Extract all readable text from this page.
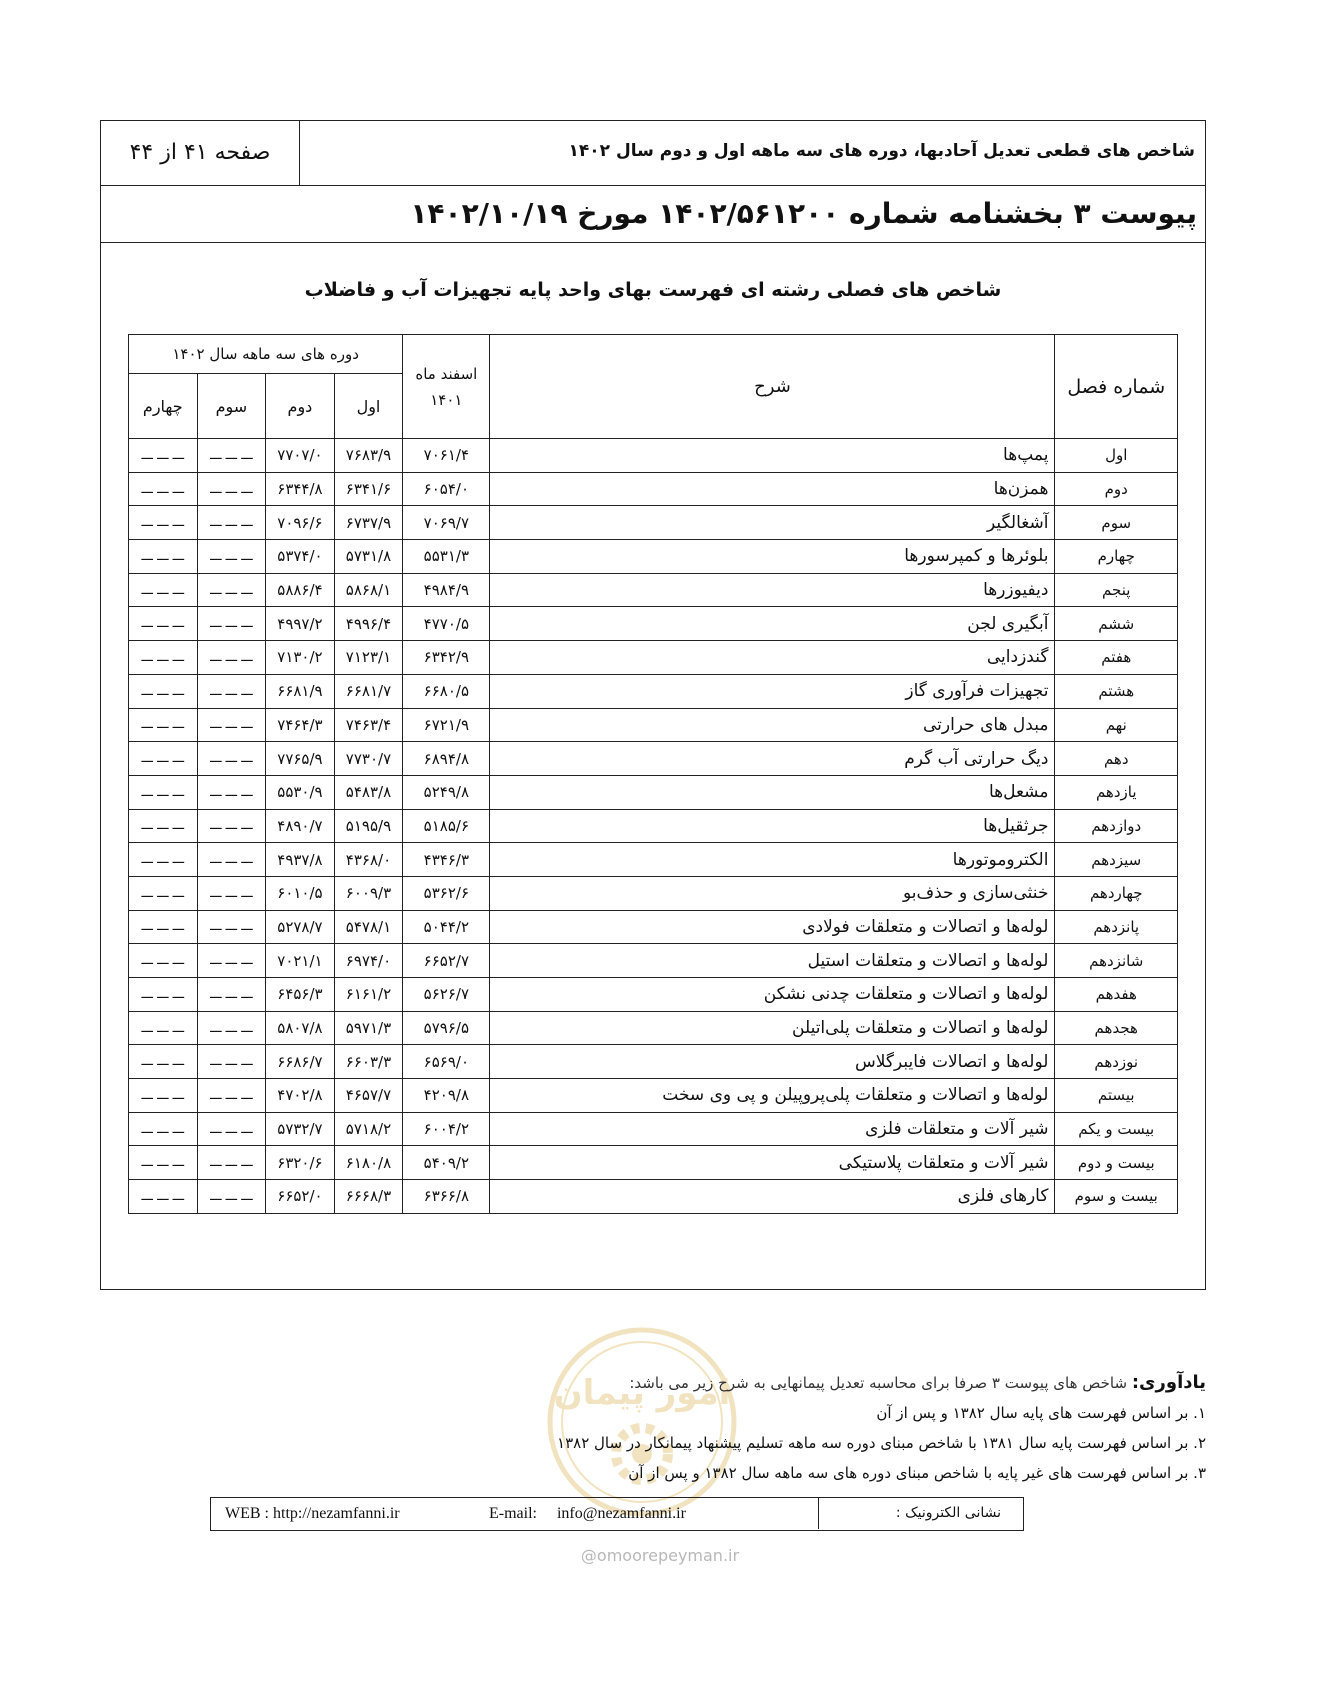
شاخص های قطعی تعدیل آحادبها، دوره های سه ماهه اول و دوم سال ۱۴۰۲
صفحه ۴۱ از ۴۴
پیوست ۳ بخشنامه شماره ۱۴۰۲/۵۶۱۲۰۰ مورخ ۱۴۰۲/۱۰/۱۹
شاخص های فصلی رشته ای فهرست بهای واحد پایه تجهیزات آب و فاضلاب
شماره فصل	شرح	اسفند ماه
۱۴۰۱	دوره های سه ماهه سال ۱۴۰۲			
			اول	دوم	سوم	چهارم
اول	پمپ‌ها	۷۰۶۱/۴	۷۶۸۳/۹	۷۷۰۷/۰	ـــ ـــ ـــ	ـــ ـــ ـــ
دوم	همزن‌ها	۶۰۵۴/۰	۶۳۴۱/۶	۶۳۴۴/۸	ـــ ـــ ـــ	ـــ ـــ ـــ
سوم	آشغالگیر	۷۰۶۹/۷	۶۷۳۷/۹	۷۰۹۶/۶	ـــ ـــ ـــ	ـــ ـــ ـــ
چهارم	بلوئرها و کمپرسورها	۵۵۳۱/۳	۵۷۳۱/۸	۵۳۷۴/۰	ـــ ـــ ـــ	ـــ ـــ ـــ
پنجم	دیفیوزرها	۴۹۸۴/۹	۵۸۶۸/۱	۵۸۸۶/۴	ـــ ـــ ـــ	ـــ ـــ ـــ
ششم	آبگیری لجن	۴۷۷۰/۵	۴۹۹۶/۴	۴۹۹۷/۲	ـــ ـــ ـــ	ـــ ـــ ـــ
هفتم	گندزدایی	۶۳۴۲/۹	۷۱۲۳/۱	۷۱۳۰/۲	ـــ ـــ ـــ	ـــ ـــ ـــ
هشتم	تجهیزات فرآوری گاز	۶۶۸۰/۵	۶۶۸۱/۷	۶۶۸۱/۹	ـــ ـــ ـــ	ـــ ـــ ـــ
نهم	مبدل های حرارتی	۶۷۲۱/۹	۷۴۶۳/۴	۷۴۶۴/۳	ـــ ـــ ـــ	ـــ ـــ ـــ
دهم	دیگ حرارتی آب گرم	۶۸۹۴/۸	۷۷۳۰/۷	۷۷۶۵/۹	ـــ ـــ ـــ	ـــ ـــ ـــ
یازدهم	مشعل‌ها	۵۲۴۹/۸	۵۴۸۳/۸	۵۵۳۰/۹	ـــ ـــ ـــ	ـــ ـــ ـــ
دوازدهم	جرثقیل‌ها	۵۱۸۵/۶	۵۱۹۵/۹	۴۸۹۰/۷	ـــ ـــ ـــ	ـــ ـــ ـــ
سیزدهم	الکتروموتورها	۴۳۴۶/۳	۴۳۶۸/۰	۴۹۳۷/۸	ـــ ـــ ـــ	ـــ ـــ ـــ
چهاردهم	خنثی‌سازی و حذف‌بو	۵۳۶۲/۶	۶۰۰۹/۳	۶۰۱۰/۵	ـــ ـــ ـــ	ـــ ـــ ـــ
پانزدهم	لوله‌ها و اتصالات و متعلقات فولادی	۵۰۴۴/۲	۵۴۷۸/۱	۵۲۷۸/۷	ـــ ـــ ـــ	ـــ ـــ ـــ
شانزدهم	لوله‌ها و اتصالات و متعلقات استیل	۶۶۵۲/۷	۶۹۷۴/۰	۷۰۲۱/۱	ـــ ـــ ـــ	ـــ ـــ ـــ
هفدهم	لوله‌ها و اتصالات و متعلقات چدنی نشکن	۵۶۲۶/۷	۶۱۶۱/۲	۶۴۵۶/۳	ـــ ـــ ـــ	ـــ ـــ ـــ
هجدهم	لوله‌ها و اتصالات و متعلقات پلی‌اتیلن	۵۷۹۶/۵	۵۹۷۱/۳	۵۸۰۷/۸	ـــ ـــ ـــ	ـــ ـــ ـــ
نوزدهم	لوله‌ها و اتصالات فایبرگلاس	۶۵۶۹/۰	۶۶۰۳/۳	۶۶۸۶/۷	ـــ ـــ ـــ	ـــ ـــ ـــ
بیستم	لوله‌ها و اتصالات و متعلقات پلی‌پروپیلن و پی وی سخت	۴۲۰۹/۸	۴۶۵۷/۷	۴۷۰۲/۸	ـــ ـــ ـــ	ـــ ـــ ـــ
بیست و یکم	شیر آلات و متعلقات فلزی	۶۰۰۴/۲	۵۷۱۸/۲	۵۷۳۲/۷	ـــ ـــ ـــ	ـــ ـــ ـــ
بیست و دوم	شیر آلات و متعلقات پلاستیکی	۵۴۰۹/۲	۶۱۸۰/۸	۶۳۲۰/۶	ـــ ـــ ـــ	ـــ ـــ ـــ
بیست و سوم	کارهای فلزی	۶۳۶۶/۸	۶۶۶۸/۳	۶۶۵۲/۰	ـــ ـــ ـــ	ـــ ـــ ـــ
امور پیمان	یادآوری: شاخص های پیوست ۳ صرفا برای محاسبه تعدیل پیمانهایی به شرح زیر می باشد:
۱. بر اساس فهرست های پایه سال ۱۳۸۲ و پس از آن
۲. بر اساس فهرست پایه سال ۱۳۸۱ با شاخص مبنای دوره سه ماهه تسلیم پیشنهاد پیمانکار در سال ۱۳۸۲
۳. بر اساس فهرست های غیر پایه با شاخص مبنای دوره های سه ماهه سال ۱۳۸۲ و پس از آن
نشانی الکترونیک :
WEB : http://nezamfanni.ir	E-mail: info@nezamfanni.ir
@omoorepeyman.ir
